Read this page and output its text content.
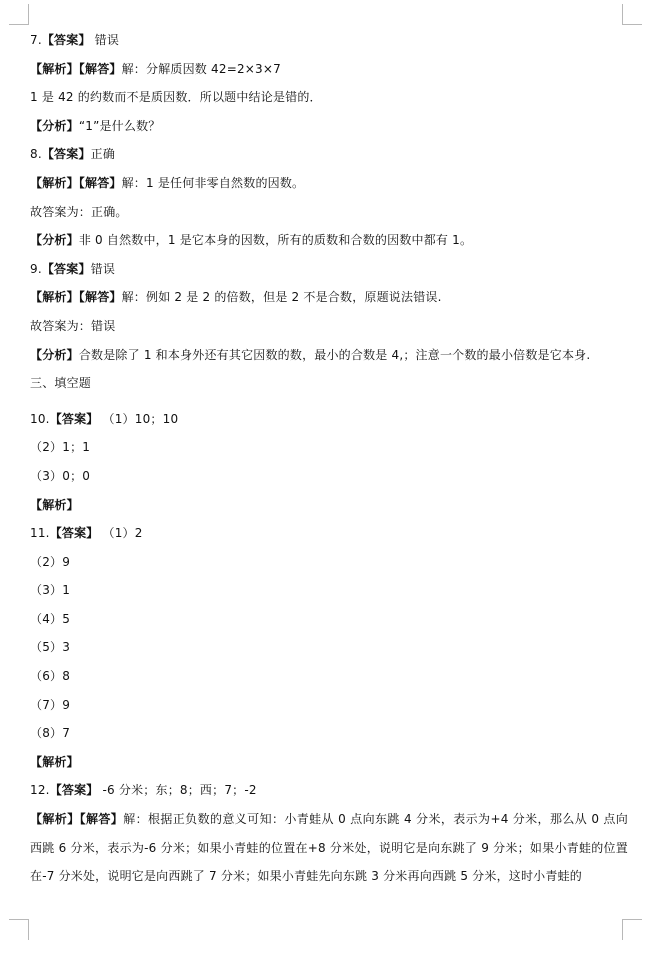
7.【答案】 错误
【解析】【解答】解：分解质因数 42=2×3×7
1 是 42 的约数而不是质因数．所以题中结论是错的．
【分析】“1”是什么数？
8.【答案】正确
【解析】【解答】解：1 是任何非零自然数的因数。
故答案为：正确。
【分析】非 0 自然数中，1 是它本身的因数，所有的质数和合数的因数中都有 1。
9.【答案】错误
【解析】【解答】解：例如 2 是 2 的倍数，但是 2 不是合数，原题说法错误.
故答案为：错误
【分析】合数是除了 1 和本身外还有其它因数的数，最小的合数是 4,；注意一个数的最小倍数是它本身.
三、填空题
10.【答案】 （1）10；10
（2）1；1
（3）0；0
【解析】
11.【答案】 （1）2
（2）9
（3）1
（4）5
（5）3
（6）8
（7）9
（8）7
【解析】
12.【答案】 -6 分米；东；8；西；7；-2
【解析】【解答】解：根据正负数的意义可知：小青蛙从 0 点向东跳 4 分米，表示为+4 分米，那么从 0 点向西跳 6 分米，表示为-6 分米；如果小青蛙的位置在+8 分米处，说明它是向东跳了 9 分米；如果小青蛙的位置在-7 分米处，说明它是向西跳了 7 分米；如果小青蛙先向东跳 3 分米再向西跳 5 分米，这时小青蛙的
